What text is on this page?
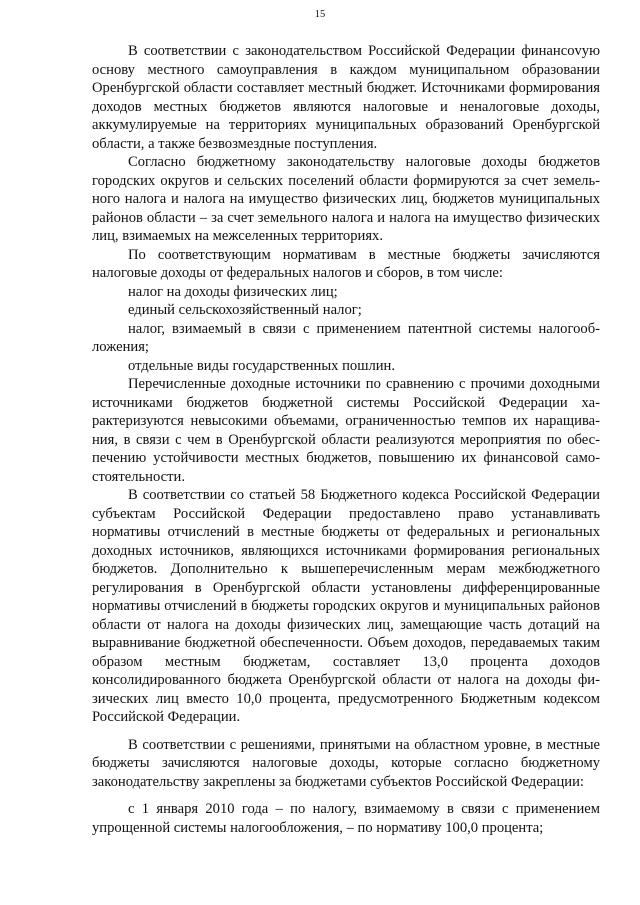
15

В соответствии с законодательством Российской Федерации финансоvую основу местного самоуправления в каждом муниципальном образовании Оренбургской области составляет местный бюджет. Источниками формирования доходов местных бюджетов являются налоговые и неналоговые доходы, аккумулируемые на территориях муниципальных образований Оренбургской области, а также безвозмездные поступления.

Согласно бюджетному законодательству налоговые доходы бюджетов городских округов и сельских поселений области формируются за счет земельного налога и налога на имущество физических лиц, бюджетов муниципальных районов области – за счет земельного налога и налога на имущество физических лиц, взимаемых на межселенных территориях.

По соответствующим нормативам в местные бюджеты зачисляются налоговые доходы от федеральных налогов и сборов, в том числе:

налог на доходы физических лиц;

единый сельскохозяйственный налог;

налог, взимаемый в связи с применением патентной системы налогообложения;

отдельные виды государственных пошлин.

Перечисленные доходные источники по сравнению с прочими доходными источниками бюджетов бюджетной системы Российской Федерации характеризуются невысокими объемами, ограниченностью темпов их наращивания, в связи с чем в Оренбургской области реализуются мероприятия по обеспечению устойчивости местных бюджетов, повышению их финансовой самостоятельности.

В соответствии со статьей 58 Бюджетного кодекса Российской Федерации субъектам Российской Федерации предоставлено право устанавливать нормативы отчислений в местные бюджеты от федеральных и региональных доходных источников, являющихся источниками формирования региональных бюджетов. Дополнительно к вышеперечисленным мерам межбюджетного регулирования в Оренбургской области установлены дифференцированные нормативы отчислений в бюджеты городских округов и муниципальных районов области от налога на доходы физических лиц, замещающие часть дотаций на выравнивание бюджетной обеспеченности. Объем доходов, передаваемых таким образом местным бюджетам, составляет 13,0 процента доходов консолидированного бюджета Оренбургской области от налога на доходы физических лиц вместо 10,0 процента, предусмотренного Бюджетным кодексом Российской Федерации.

В соответствии с решениями, принятыми на областном уровне, в местные бюджеты зачисляются налоговые доходы, которые согласно бюджетному законодательству закреплены за бюджетами субъектов Российской Федерации:

с 1 января 2010 года – по налогу, взимаемому в связи с применением упрощенной системы налогообложения, – по нормативу 100,0 процента;
